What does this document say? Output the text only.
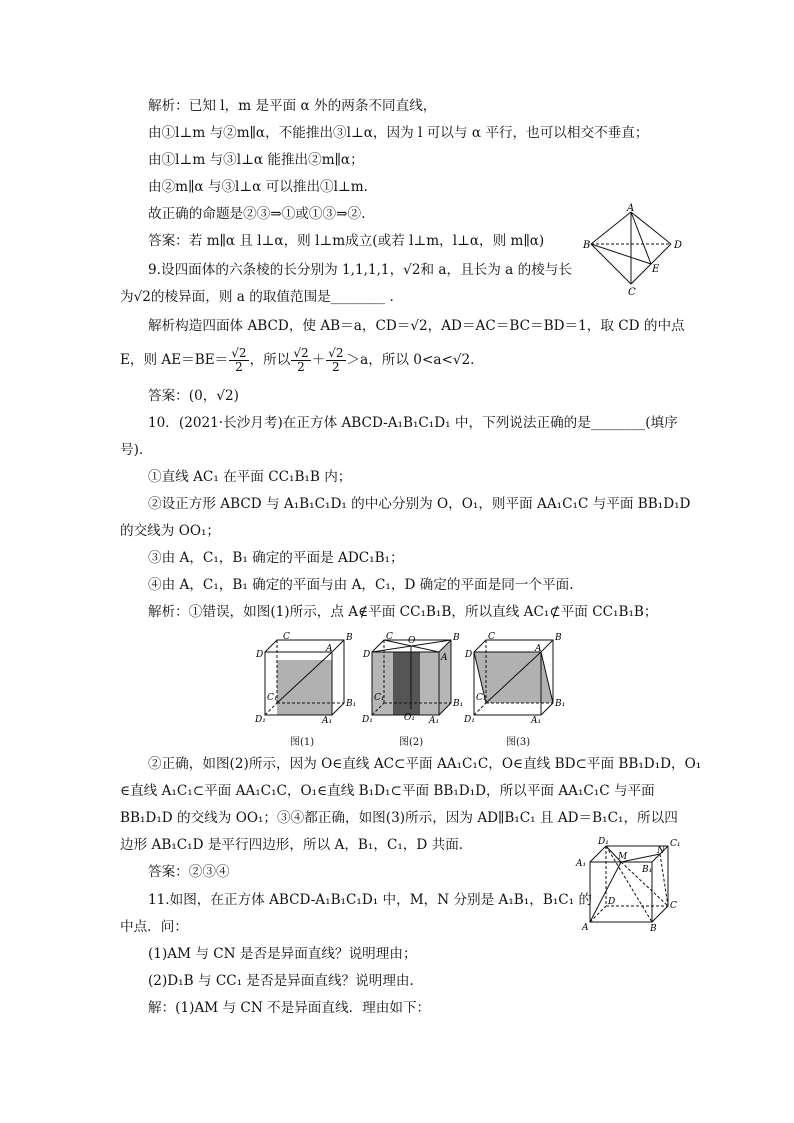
解析：已知 l，m 是平面 α 外的两条不同直线，

由①l⊥m 与②m∥α，不能推出③l⊥α，因为 l 可以与 α 平行，也可以相交不垂直；

由①l⊥m 与③l⊥α 能推出②m∥α；

由②m∥α 与③l⊥α 可以推出①l⊥m.

故正确的命题是②③⇒①或①③⇒②.

答案：若 m∥α 且 l⊥α，则 l⊥m成立(或若 l⊥m，l⊥α，则 m∥α)

A
B	D
E
C

9.设四面体的六条棱的长分别为 1,1,1,1，√2和 a，且长为 a 的棱与长

为√2的棱异面，则 a 的取值范围是________ .

解析构造四面体 ABCD，使 AB＝a，CD＝√2，AD＝AC＝BC＝BD＝1，取 CD 的中点

E，则 $AE=BE= \frac{√2}{2}$ ，所以 $\frac{√2}{2} + \frac{√2}{2} >a$，所以 0<a<√2.

答案：(0，√2)

10．(2021·长沙月考)在正方体 ABCD-A₁B₁C₁D₁ 中，下列说法正确的是________(填序

号).

①直线 AC₁ 在平面 CC₁B₁B 内；

②设正方形 ABCD 与 A₁B₁C₁D₁ 的中心分别为 O，O₁，则平面 AA₁C₁C 与平面 BB₁D₁D

的交线为 OO₁；

③由 A，C₁，B₁ 确定的平面是 ADC₁B₁；

④由 A，C₁，B₁ 确定的平面与由 A，C₁，D 确定的平面是同一个平面.

解析：①错误，如图(1)所示，点 A∉平面 CC₁B₁B，所以直线 AC₁⊄平面 CC₁B₁B；

C	B
D
A
C₁
B₁
D₁	A₁
图(1)
C	B
O
D	A
C₁
B₁
D₁	O₁ A₁
图(2)
C	B
D
A
C₁
B₁
D₁	A₁
图(3)

②正确，如图(2)所示，因为 O∈直线 AC⊂平面 AA₁C₁C，O∈直线 BD⊂平面 BB₁D₁D，O₁

∈直线 A₁C₁⊂平面 AA₁C₁C，O₁∈直线 B₁D₁⊂平面 BB₁D₁D，所以平面 AA₁C₁C 与平面

BB₁D₁D 的交线为 OO₁；③④都正确，如图(3)所示，因为 AD∥B₁C₁ 且 AD＝B₁C₁，所以四

边形 AB₁C₁D 是平行四边形，所以 A，B₁，C₁，D 共面.

答案：②③④

D₁	C₁
M
N
A₁
B₁
D	C
A	B

11.如图，在正方体 ABCD-A₁B₁C₁D₁ 中，M，N 分别是 A₁B₁，B₁C₁ 的

中点．问：

(1)AM 与 CN 是否是异面直线？说明理由；

(2)D₁B 与 CC₁ 是否是异面直线？说明理由.

解：(1)AM 与 CN 不是异面直线．理由如下：
